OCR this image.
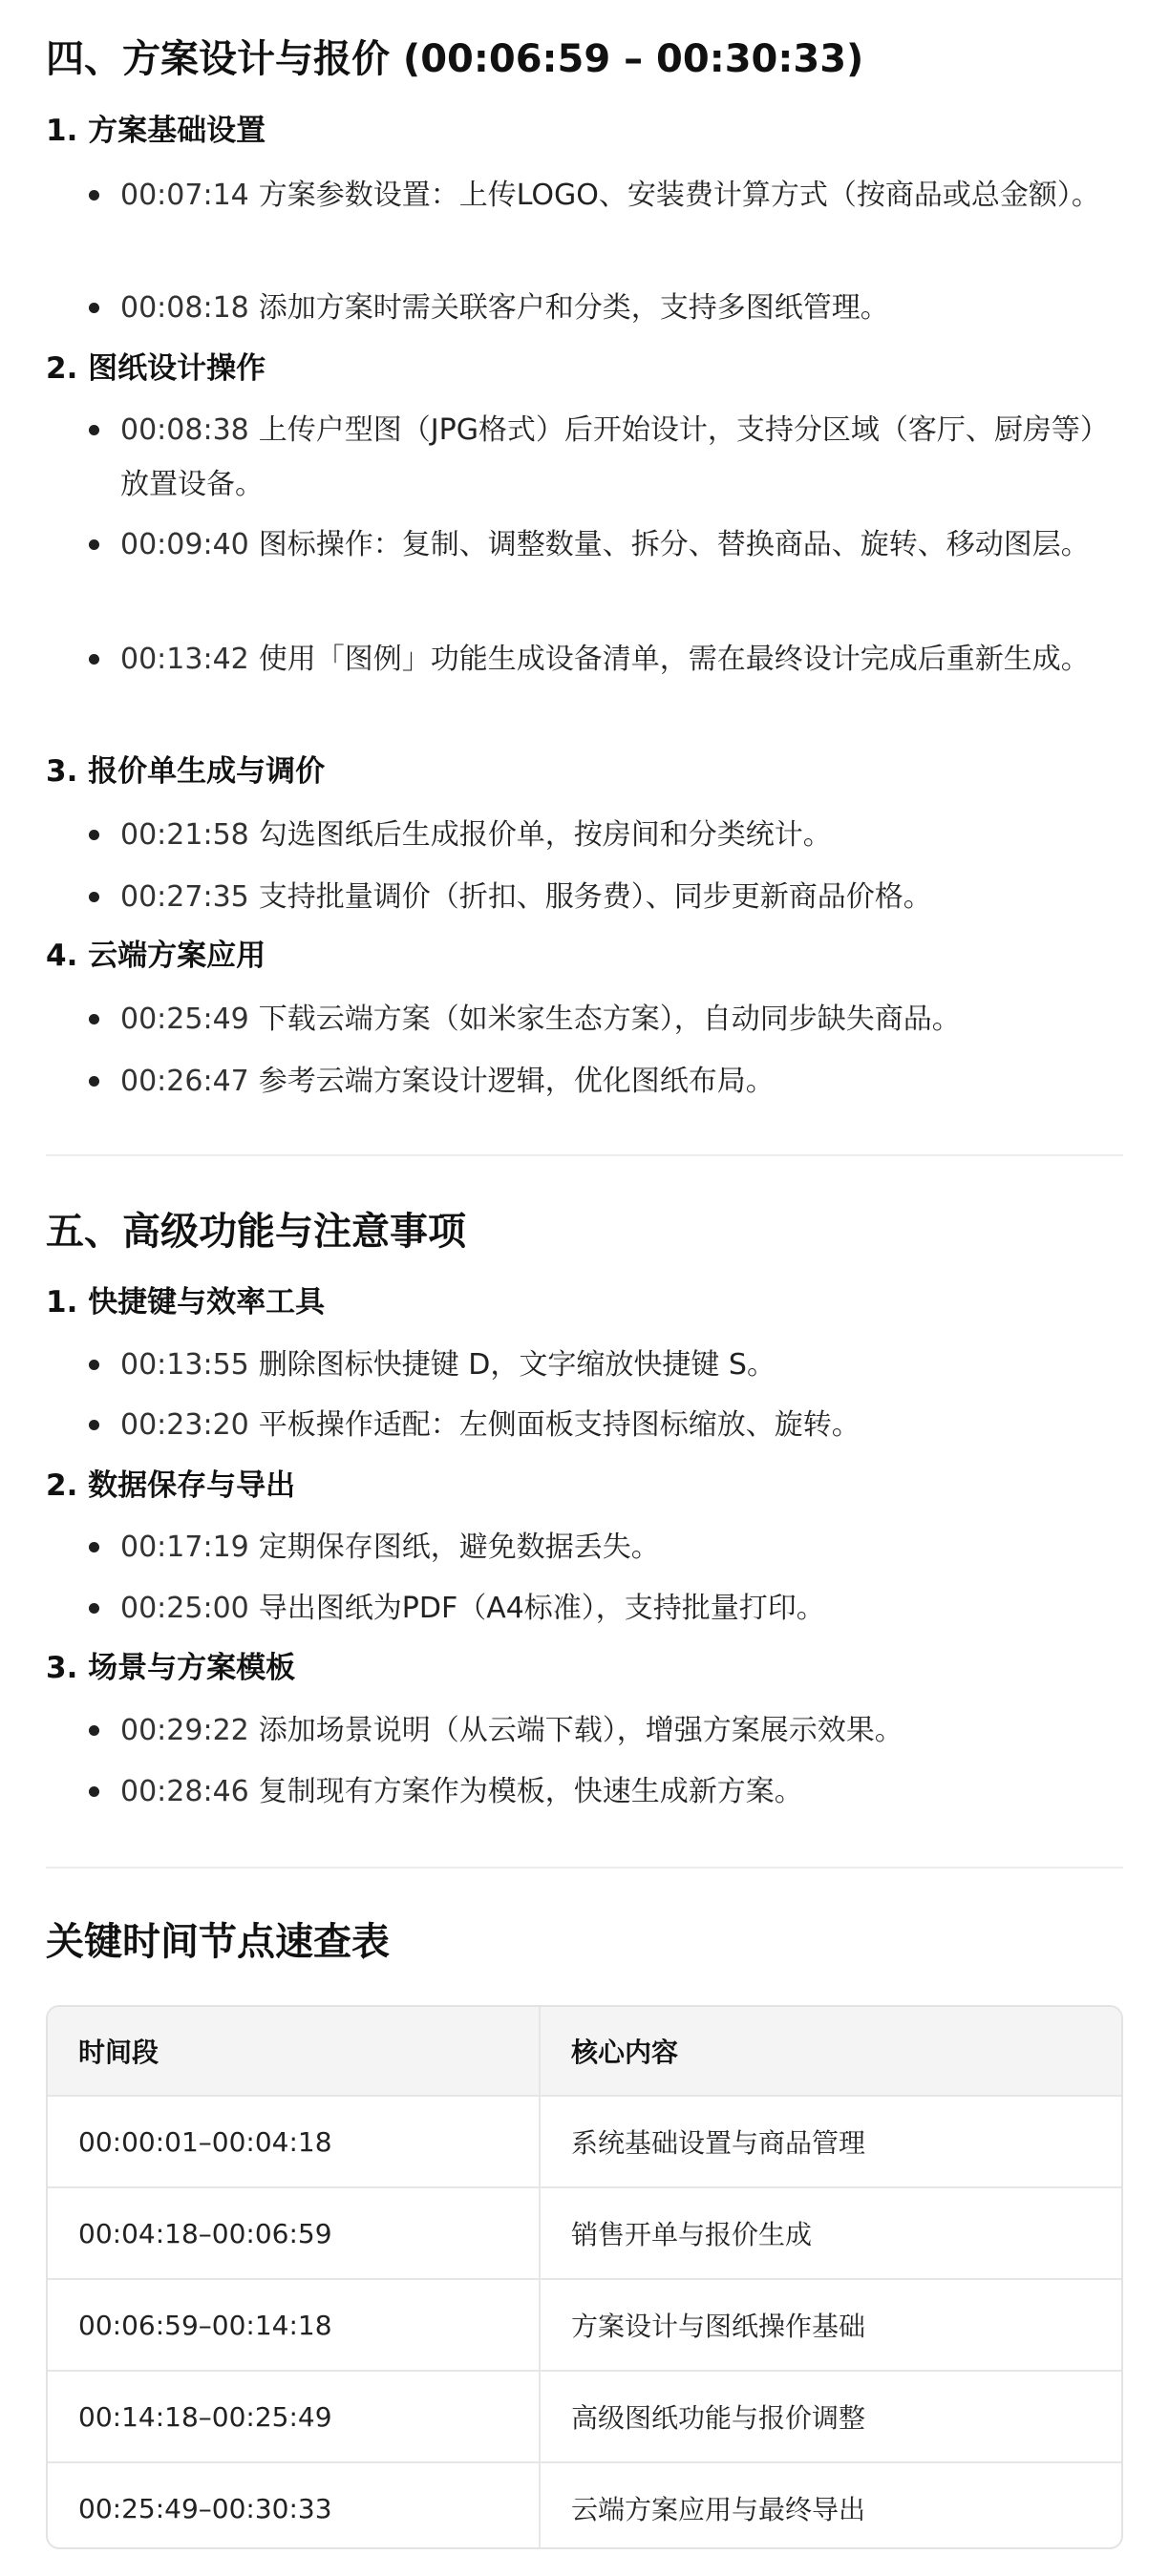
四、方案设计与报价 (00:06:59 – 00:30:33)
1. 方案基础设置

00:07:14 方案参数设置：上传LOGO、安装费计算方式（按商品或总金额）。

00:08:18 添加方案时需关联客户和分类，支持多图纸管理。

2. 图纸设计操作

00:08:38 上传户型图（JPG格式）后开始设计，支持分区域（客厅、厨房等）放置设备。

00:09:40 图标操作：复制、调整数量、拆分、替换商品、旋转、移动图层。

00:13:42 使用「图例」功能生成设备清单，需在最终设计完成后重新生成。

3. 报价单生成与调价

00:21:58 勾选图纸后生成报价单，按房间和分类统计。

00:27:35 支持批量调价（折扣、服务费）、同步更新商品价格。

4. 云端方案应用

00:25:49 下载云端方案（如米家生态方案），自动同步缺失商品。

00:26:47 参考云端方案设计逻辑，优化图纸布局。

五、高级功能与注意事项
1. 快捷键与效率工具

00:13:55 删除图标快捷键 D，文字缩放快捷键 S。

00:23:20 平板操作适配：左侧面板支持图标缩放、旋转。

2. 数据保存与导出

00:17:19 定期保存图纸，避免数据丢失。

00:25:00 导出图纸为PDF（A4标准），支持批量打印。

3. 场景与方案模板

00:29:22 添加场景说明（从云端下载），增强方案展示效果。

00:28:46 复制现有方案作为模板，快速生成新方案。

关键时间节点速查表
时间段	核心内容
00:00:01–00:04:18	系统基础设置与商品管理
00:04:18–00:06:59	销售开单与报价生成
00:06:59–00:14:18	方案设计与图纸操作基础
00:14:18–00:25:49	高级图纸功能与报价调整
00:25:49–00:30:33	云端方案应用与最终导出
